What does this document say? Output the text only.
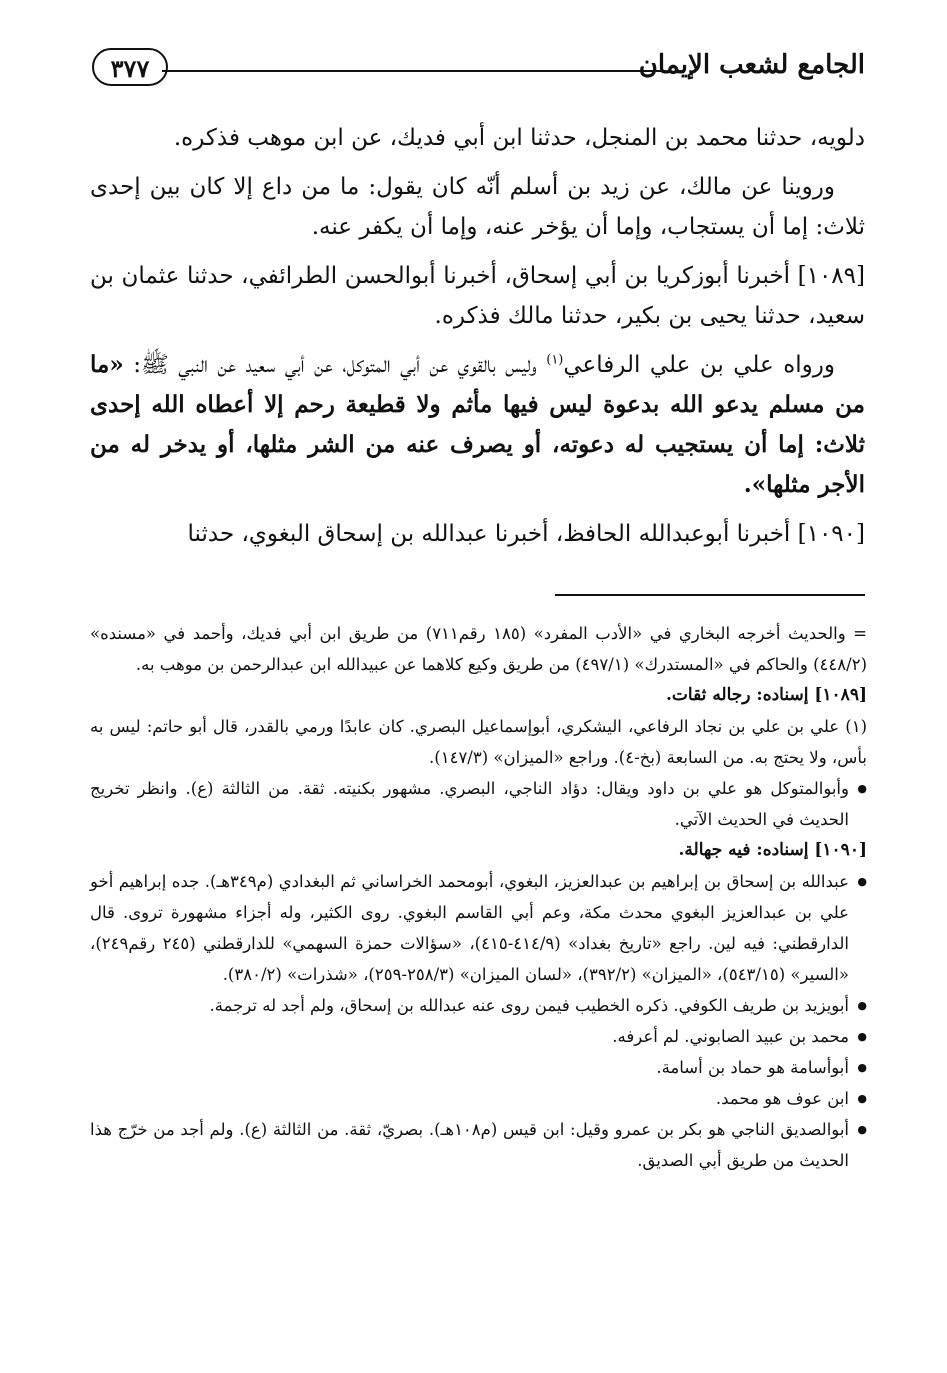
الجامع لشعب الإيمان
٣٧٧

دلويه، حدثنا محمد بن المنجل، حدثنا ابن أبي فديك، عن ابن موهب فذكره.

وروينا عن مالك، عن زيد بن أسلم أنّه كان يقول: ما من داع إلا كان بين إحدى ثلاث: إما أن يستجاب، وإما أن يؤخر عنه، وإما أن يكفر عنه.

[١٠٨٩] أخبرنا أبوزكريا بن أبي إسحاق، أخبرنا أبوالحسن الطرائفي، حدثنا عثمان بن سعيد، حدثنا يحيى بن بكير، حدثنا مالك فذكره.

ورواه علي بن علي الرفاعي$^{(١)}$ وليس بالقوي عن أبي المتوكل، عن أبي سعيد عن النبي ﷺ: «ما من مسلم يدعو الله بدعوة ليس فيها مأثم ولا قطيعة رحم إلا أعطاه الله إحدى ثلاث: إما أن يستجيب له دعوته، أو يصرف عنه من الشر مثلها، أو يدخر له من الأجر مثلها».

[١٠٩٠] أخبرنا أبوعبدالله الحافظ، أخبرنا عبدالله بن إسحاق البغوي، حدثنا

= والحديث أخرجه البخاري في «الأدب المفرد» (١٨٥ رقم٧١١) من طريق ابن أبي فديك، وأحمد في «مسنده» (٤٤٨/٢) والحاكم في «المستدرك» (٤٩٧/١) من طريق وكيع كلاهما عن عبيدالله ابن عبدالرحمن بن موهب به.

[١٠٨٩] إسناده: رجاله ثقات.

(١) علي بن علي بن نجاد الرفاعي، اليشكري، أبوإسماعيل البصري. كان عابدًا ورمي بالقدر، قال أبو حاتم: ليس به بأس، ولا يحتج به. من السابعة (بخ-٤). وراجع «الميزان» (١٤٧/٣).

● وأبوالمتوكل هو علي بن داود ويقال: دؤاد الناجي، البصري. مشهور بكنيته. ثقة. من الثالثة (ع). وانظر تخريج الحديث في الحديث الآتي.

[١٠٩٠] إسناده: فيه جهالة.

● عبدالله بن إسحاق بن إبراهيم بن عبدالعزيز، البغوي، أبومحمد الخراساني ثم البغدادي (م٣٤٩هـ). جده إبراهيم أخو علي بن عبدالعزيز البغوي محدث مكة، وعم أبي القاسم البغوي. روى الكثير، وله أجزاء مشهورة تروى. قال الدارقطني: فيه لين. راجع «تاريخ بغداد» (٤١٤/٩-٤١٥)، «سؤالات حمزة السهمي» للدارقطني (٢٤٥ رقم٢٤٩)، «السير» (٥٤٣/١٥)، «الميزان» (٣٩٢/٢)، «لسان الميزان» (٢٥٨/٣-٢٥٩)، «شذرات» (٣٨٠/٢).

● أبويزيد بن طريف الكوفي. ذكره الخطيب فيمن روى عنه عبدالله بن إسحاق، ولم أجد له ترجمة.

● محمد بن عبيد الصابوني. لم أعرفه.

● أبوأسامة هو حماد بن أسامة.

● ابن عوف هو محمد.

● أبوالصديق الناجي هو بكر بن عمرو وقيل: ابن قيس (م١٠٨هـ). بصريّ، ثقة. من الثالثة (ع). ولم أجد من خرّج هذا الحديث من طريق أبي الصديق.
